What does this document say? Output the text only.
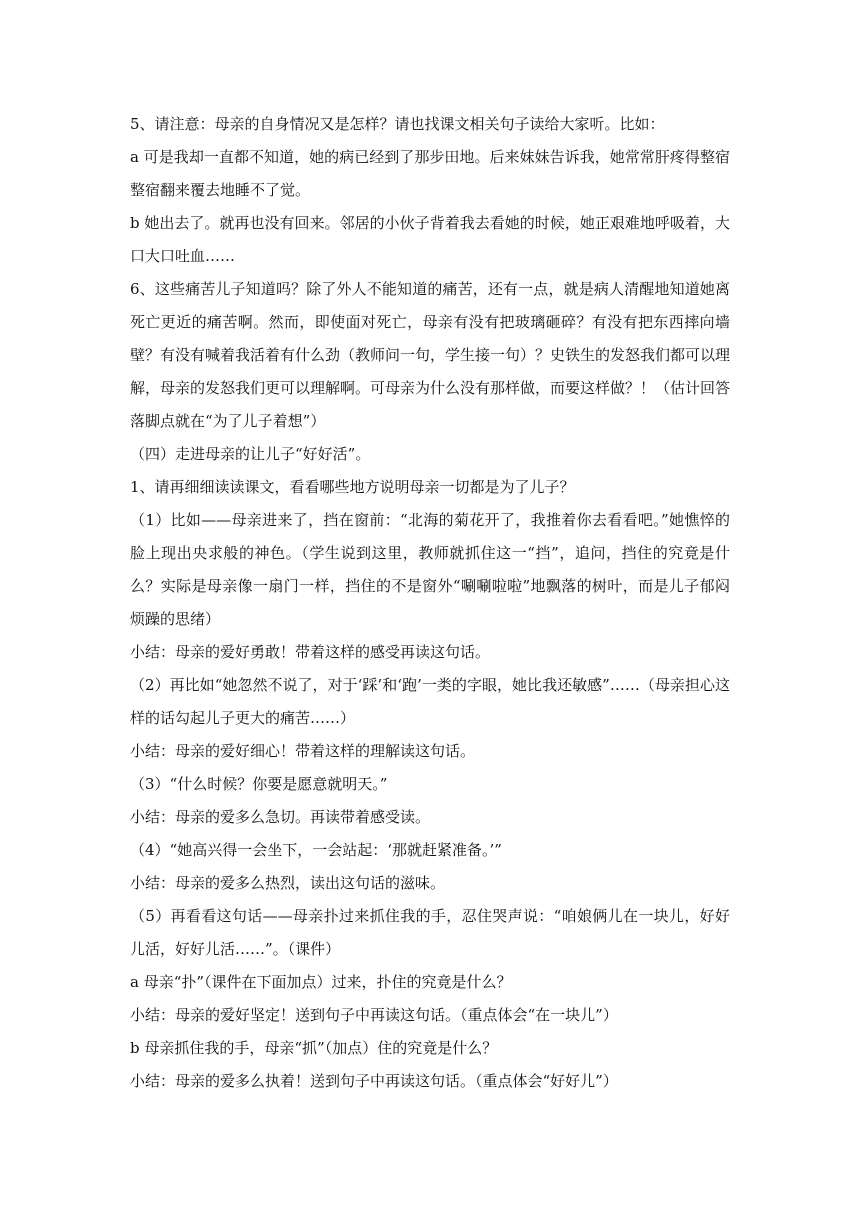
5、请注意：母亲的自身情况又是怎样？请也找课文相关句子读给大家听。比如：

a 可是我却一直都不知道，她的病已经到了那步田地。后来妹妹告诉我，她常常肝疼得整宿整宿翻来覆去地睡不了觉。

b 她出去了。就再也没有回来。邻居的小伙子背着我去看她的时候，她正艰难地呼吸着，大口大口吐血……

6、这些痛苦儿子知道吗？除了外人不能知道的痛苦，还有一点，就是病人清醒地知道她离死亡更近的痛苦啊。然而，即使面对死亡，母亲有没有把玻璃砸碎？有没有把东西摔向墙壁？有没有喊着我活着有什么劲（教师问一句，学生接一句）？史铁生的发怒我们都可以理解，母亲的发怒我们更可以理解啊。可母亲为什么没有那样做，而要这样做？！（估计回答落脚点就在“为了儿子着想”）

（四）走进母亲的让儿子“好好活”。

1、请再细细读读课文，看看哪些地方说明母亲一切都是为了儿子？

（1）比如——母亲进来了，挡在窗前：“北海的菊花开了，我推着你去看看吧。”她憔悴的脸上现出央求般的神色。（学生说到这里，教师就抓住这一“挡”，追问，挡住的究竟是什么？实际是母亲像一扇门一样，挡住的不是窗外“唰唰啦啦”地飘落的树叶，而是儿子郁闷烦躁的思绪）

小结：母亲的爱好勇敢！带着这样的感受再读这句话。

（2）再比如“她忽然不说了，对于‘踩’和‘跑’一类的字眼，她比我还敏感”……（母亲担心这样的话勾起儿子更大的痛苦……）

小结：母亲的爱好细心！带着这样的理解读这句话。

（3）“什么时候？你要是愿意就明天。”

小结：母亲的爱多么急切。再读带着感受读。

（4）“她高兴得一会坐下，一会站起：‘那就赶紧准备。’”

小结：母亲的爱多么热烈，读出这句话的滋味。

（5）再看看这句话——母亲扑过来抓住我的手，忍住哭声说：“咱娘俩儿在一块儿，好好儿活，好好儿活……”。（课件）

a 母亲“扑”（课件在下面加点）过来，扑住的究竟是什么？

小结：母亲的爱好坚定！送到句子中再读这句话。（重点体会“在一块儿”）

b 母亲抓住我的手，母亲“抓”（加点）住的究竟是什么？

小结：母亲的爱多么执着！送到句子中再读这句话。（重点体会“好好儿”）
